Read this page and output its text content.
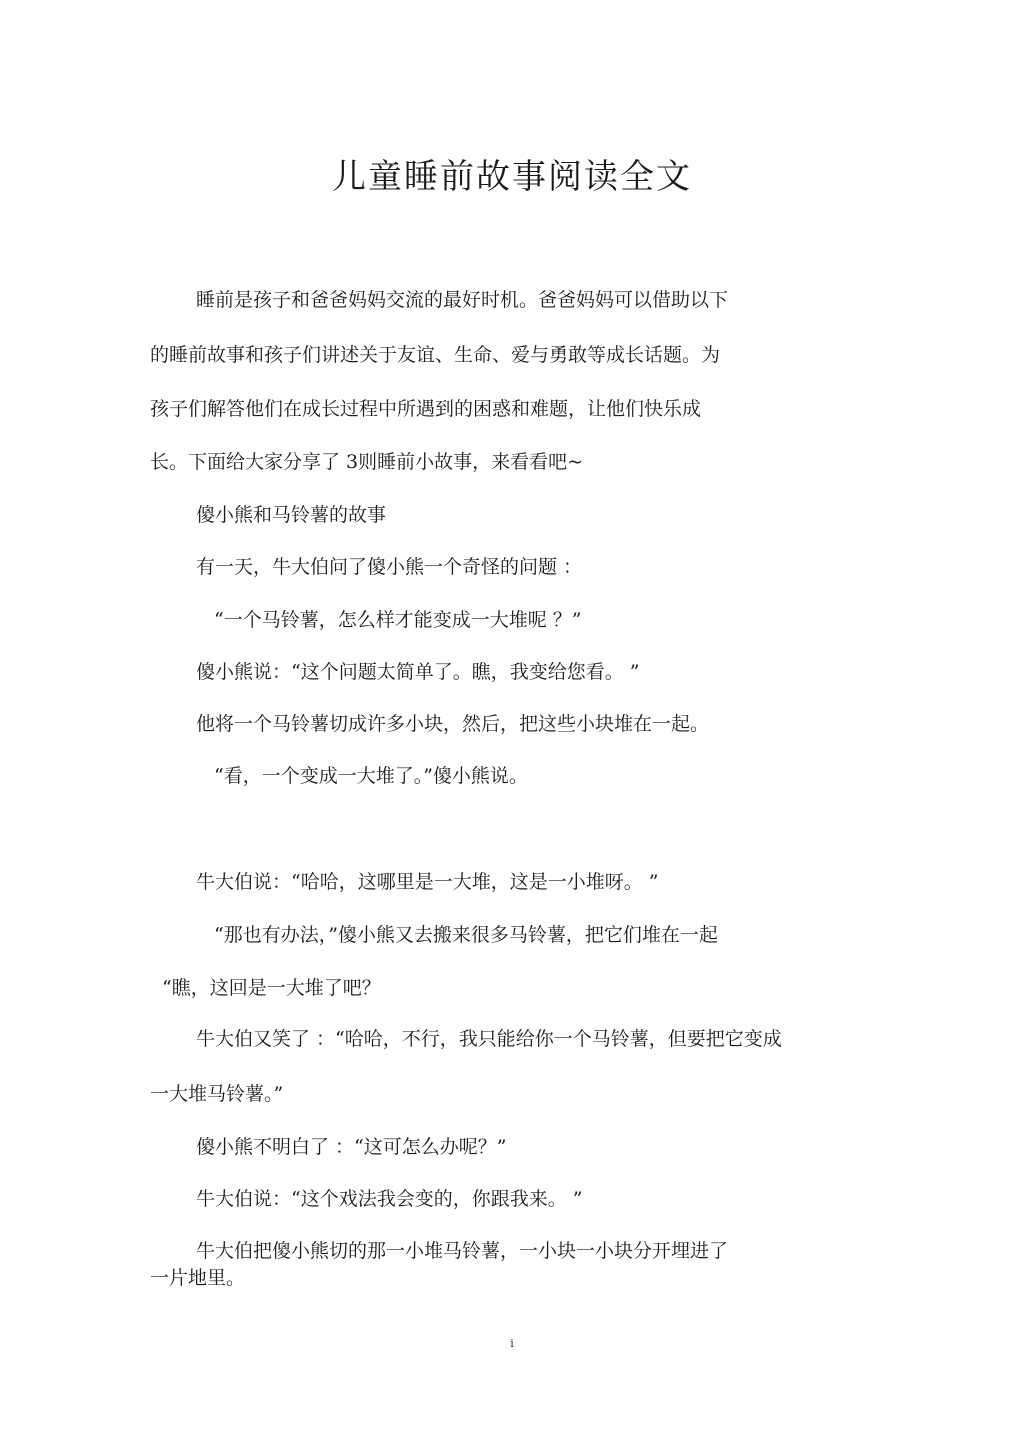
儿童睡前故事阅读全文

睡前是孩子和爸爸妈妈交流的最好时机。爸爸妈妈可以借助以下

的睡前故事和孩子们讲述关于友谊、生命、爱与勇敢等成长话题。为

孩子们解答他们在成长过程中所遇到的困惑和难题，让他们快乐成

长。下面给大家分享了 3则睡前小故事，来看看吧~

傻小熊和马铃薯的故事

有一天，牛大伯问了傻小熊一个奇怪的问题 ：

“一个马铃薯，怎么样才能变成一大堆呢 ？”

傻小熊说：“这个问题太简单了。瞧，我变给您看。 ”

他将一个马铃薯切成许多小块，然后，把这些小块堆在一起。

“看，一个变成一大堆了。”傻小熊说。

牛大伯说：“哈哈，这哪里是一大堆，这是一小堆呀。 ”

“那也有办法，”傻小熊又去搬来很多马铃薯，把它们堆在一起

“瞧，这回是一大堆了吧？

牛大伯又笑了 ：“哈哈，不行，我只能给你一个马铃薯，但要把它变成

一大堆马铃薯。”

傻小熊不明白了 ：“这可怎么办呢？”

牛大伯说：“这个戏法我会变的，你跟我来。 ”

牛大伯把傻小熊切的那一小堆马铃薯，一小块一小块分开埋进了

一片地里。

i
